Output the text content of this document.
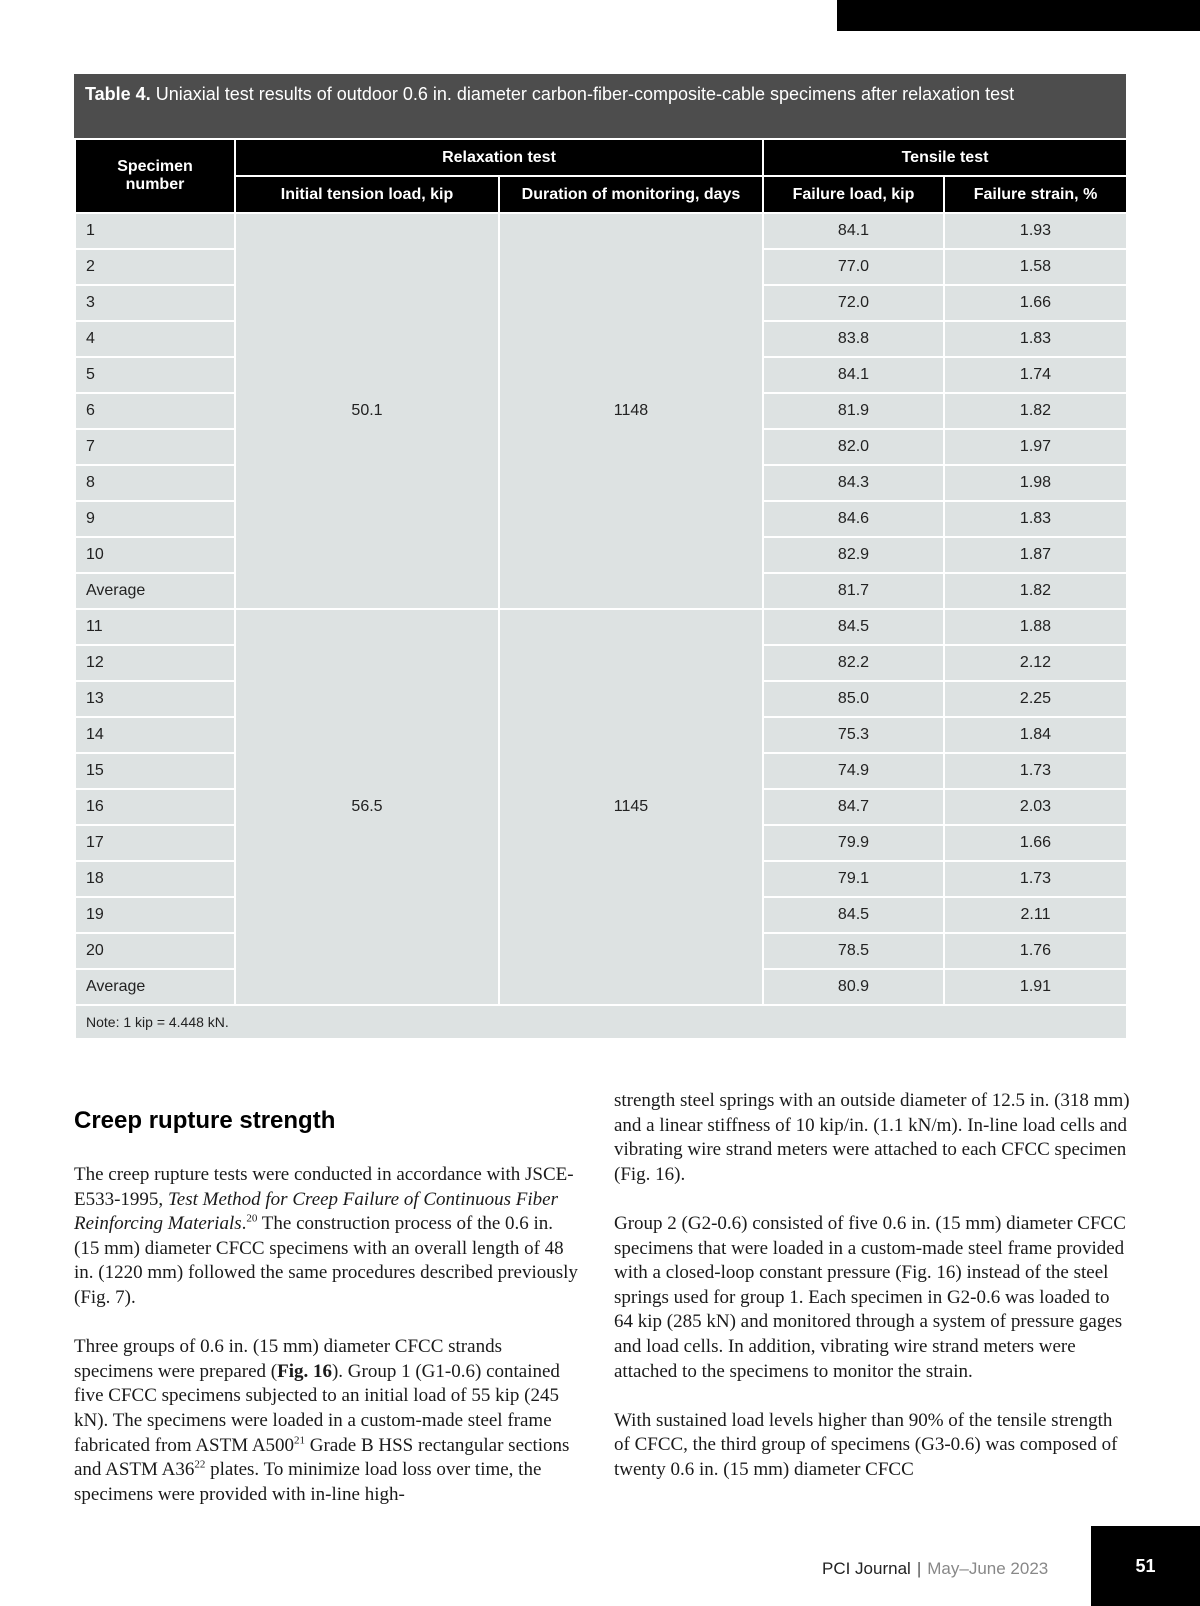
Table 4. Uniaxial test results of outdoor 0.6 in. diameter carbon-fiber-composite-cable specimens after relaxation test
Specimen number	Relaxation test		Tensile test	
	Initial tension load, kip	Duration of monitoring, days	Failure load, kip	Failure strain, %
1	50.1	1148	84.1	1.93
2			77.0	1.58
3			72.0	1.66
4			83.8	1.83
5			84.1	1.74
6			81.9	1.82
7			82.0	1.97
8			84.3	1.98
9			84.6	1.83
10			82.9	1.87
Average			81.7	1.82
11	56.5	1145	84.5	1.88
12			82.2	2.12
13			85.0	2.25
14			75.3	1.84
15			74.9	1.73
16			84.7	2.03
17			79.9	1.66
18			79.1	1.73
19			84.5	2.11
20			78.5	1.76
Average			80.9	1.91
Note: 1 kip = 4.448 kN.				
Creep rupture strength

The creep rupture tests were conducted in accordance with JSCE-E533-1995, Test Method for Creep Failure of Continuous Fiber Reinforcing Materials.$^{20}$ The construction process of the 0.6 in. (15 mm) diameter CFCC specimens with an overall length of 48 in. (1220 mm) followed the same procedures described previously (Fig. 7).

Three groups of 0.6 in. (15 mm) diameter CFCC strands specimens were prepared (Fig. 16). Group 1 (G1-0.6) contained five CFCC specimens subjected to an initial load of 55 kip (245 kN). The specimens were loaded in a custom-made steel frame fabricated from ASTM $A500^{21}$ Grade B HSS rectangular sections and ASTM $A36^{22}$ plates. To minimize load loss over time, the specimens were provided with in-line high-

strength steel springs with an outside diameter of 12.5 in. (318 mm) and a linear stiffness of 10 kip/in. (1.1 kN/m). In-line load cells and vibrating wire strand meters were attached to each CFCC specimen (Fig. 16).

Group 2 (G2-0.6) consisted of five 0.6 in. (15 mm) diameter CFCC specimens that were loaded in a custom-made steel frame provided with a closed-loop constant pressure (Fig. 16) instead of the steel springs used for group 1. Each specimen in G2-0.6 was loaded to 64 kip (285 kN) and monitored through a system of pressure gages and load cells. In addition, vibrating wire strand meters were attached to the specimens to monitor the strain.

With sustained load levels higher than 90% of the tensile strength of CFCC, the third group of specimens (G3-0.6) was composed of twenty 0.6 in. (15 mm) diameter CFCC

PCI Journal | May–June 2023	51
